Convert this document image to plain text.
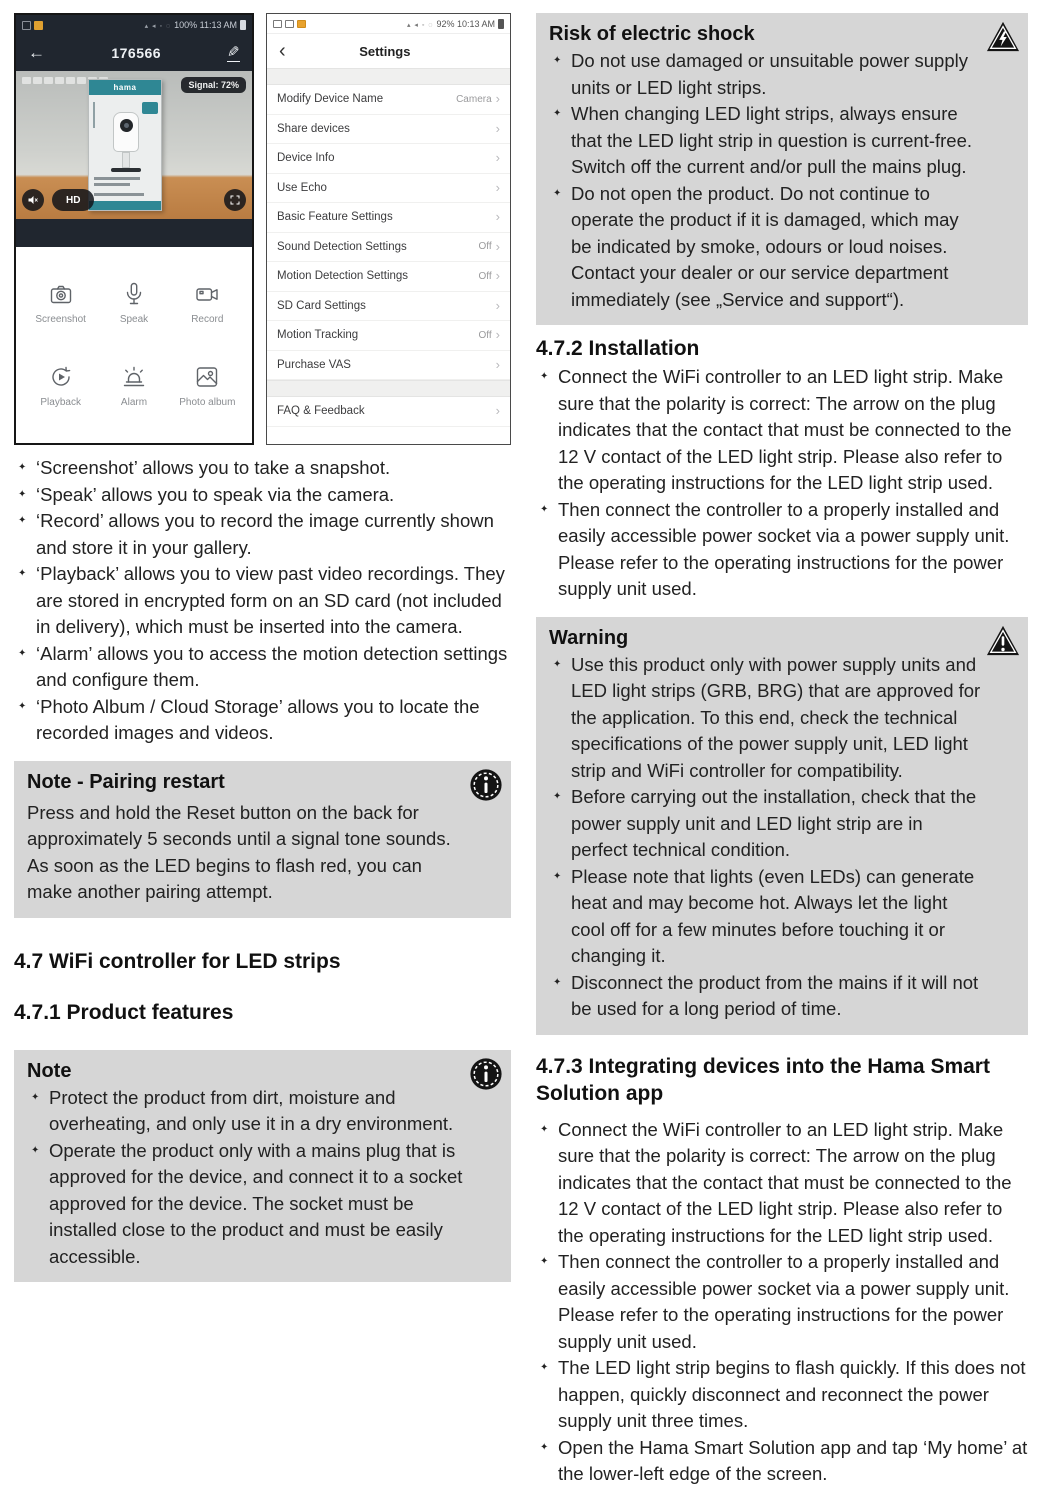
▴ ◂ ◦ ◌
100% 11:13 AM
←
176566
✎
Signal: 72%
hama
HD
Screenshot	Speak	Record
Playback	Alarm	Photo album
▴ ◂ ◦ ◌
92% 10:13 AM
‹
Settings
Modify Device Name	Camera
›
Share devices
›
Device Info
›
Use Echo
›
Basic Feature Settings
›
Sound Detection Settings	Off
›
Motion Detection Settings	Off
›
SD Card Settings
›
Motion Tracking	Off
›
Purchase VAS
›
FAQ & Feedback
›
✦ ‘Screenshot’ allows you to take a snapshot.
✦ ‘Speak’ allows you to speak via the camera.
✦ ‘Record’ allows you to record the image currently shown and store it in your gallery.
✦ ‘Playback’ allows you to view past video recordings. They are stored in encrypted form on an SD card (not included in delivery), which must be inserted into the camera.
✦ ‘Alarm’ allows you to access the motion detection settings and configure them.
✦ ‘Photo Album / Cloud Storage’ allows you to locate the recorded images and videos.
Note - Pairing restart
Press and hold the Reset button on the back for approximately 5 seconds until a signal tone sounds. As soon as the LED begins to flash red, you can make another pairing attempt.
4.7 WiFi controller for LED strips
4.7.1 Product features
Note
✦ Protect the product from dirt, moisture and overheating, and only use it in a dry environment.
✦ Operate the product only with a mains plug that is approved for the device, and connect it to a socket approved for the device. The socket must be installed close to the product and must be easily accessible.
Risk of electric shock
✦ Do not use damaged or unsuitable power supply units or LED light strips.
✦ When changing LED light strips, always ensure that the LED light strip in question is current-free. Switch off the current and/or pull the mains plug.
✦ Do not open the product. Do not continue to operate the product if it is damaged, which may be indicated by smoke, odours or loud noises. Contact your dealer or our service department immediately (see „Service and support“).
4.7.2 Installation
✦ Connect the WiFi controller to an LED light strip. Make sure that the polarity is correct: The arrow on the plug indicates that the contact that must be connected to the 12 V contact of the LED light strip. Please also refer to the operating instructions for the LED light strip used.
✦ Then connect the controller to a properly installed and easily accessible power socket via a power supply unit. Please refer to the operating instructions for the power supply unit used.
Warning
✦ Use this product only with power supply units and LED light strips (GRB, BRG) that are approved for the application. To this end, check the technical specifications of the power supply unit, LED light strip and WiFi controller for compatibility.
✦ Before carrying out the installation, check that the power supply unit and LED light strip are in perfect technical condition.
✦ Please note that lights (even LEDs) can generate heat and may become hot. Always let the light cool off for a few minutes before touching it or changing it.
✦ Disconnect the product from the mains if it will not be used for a long period of time.
4.7.3 Integrating devices into the Hama Smart Solution app
✦ Connect the WiFi controller to an LED light strip. Make sure that the polarity is correct: The arrow on the plug indicates that the contact that must be connected to the 12 V contact of the LED light strip. Please also refer to the operating instructions for the LED light strip used.
✦ Then connect the controller to a properly installed and easily accessible power socket via a power supply unit. Please refer to the operating instructions for the power supply unit used.
✦ The LED light strip begins to flash quickly. If this does not happen, quickly disconnect and reconnect the power supply unit three times.
✦ Open the Hama Smart Solution app and tap ‘My home’ at the lower-left edge of the screen.
